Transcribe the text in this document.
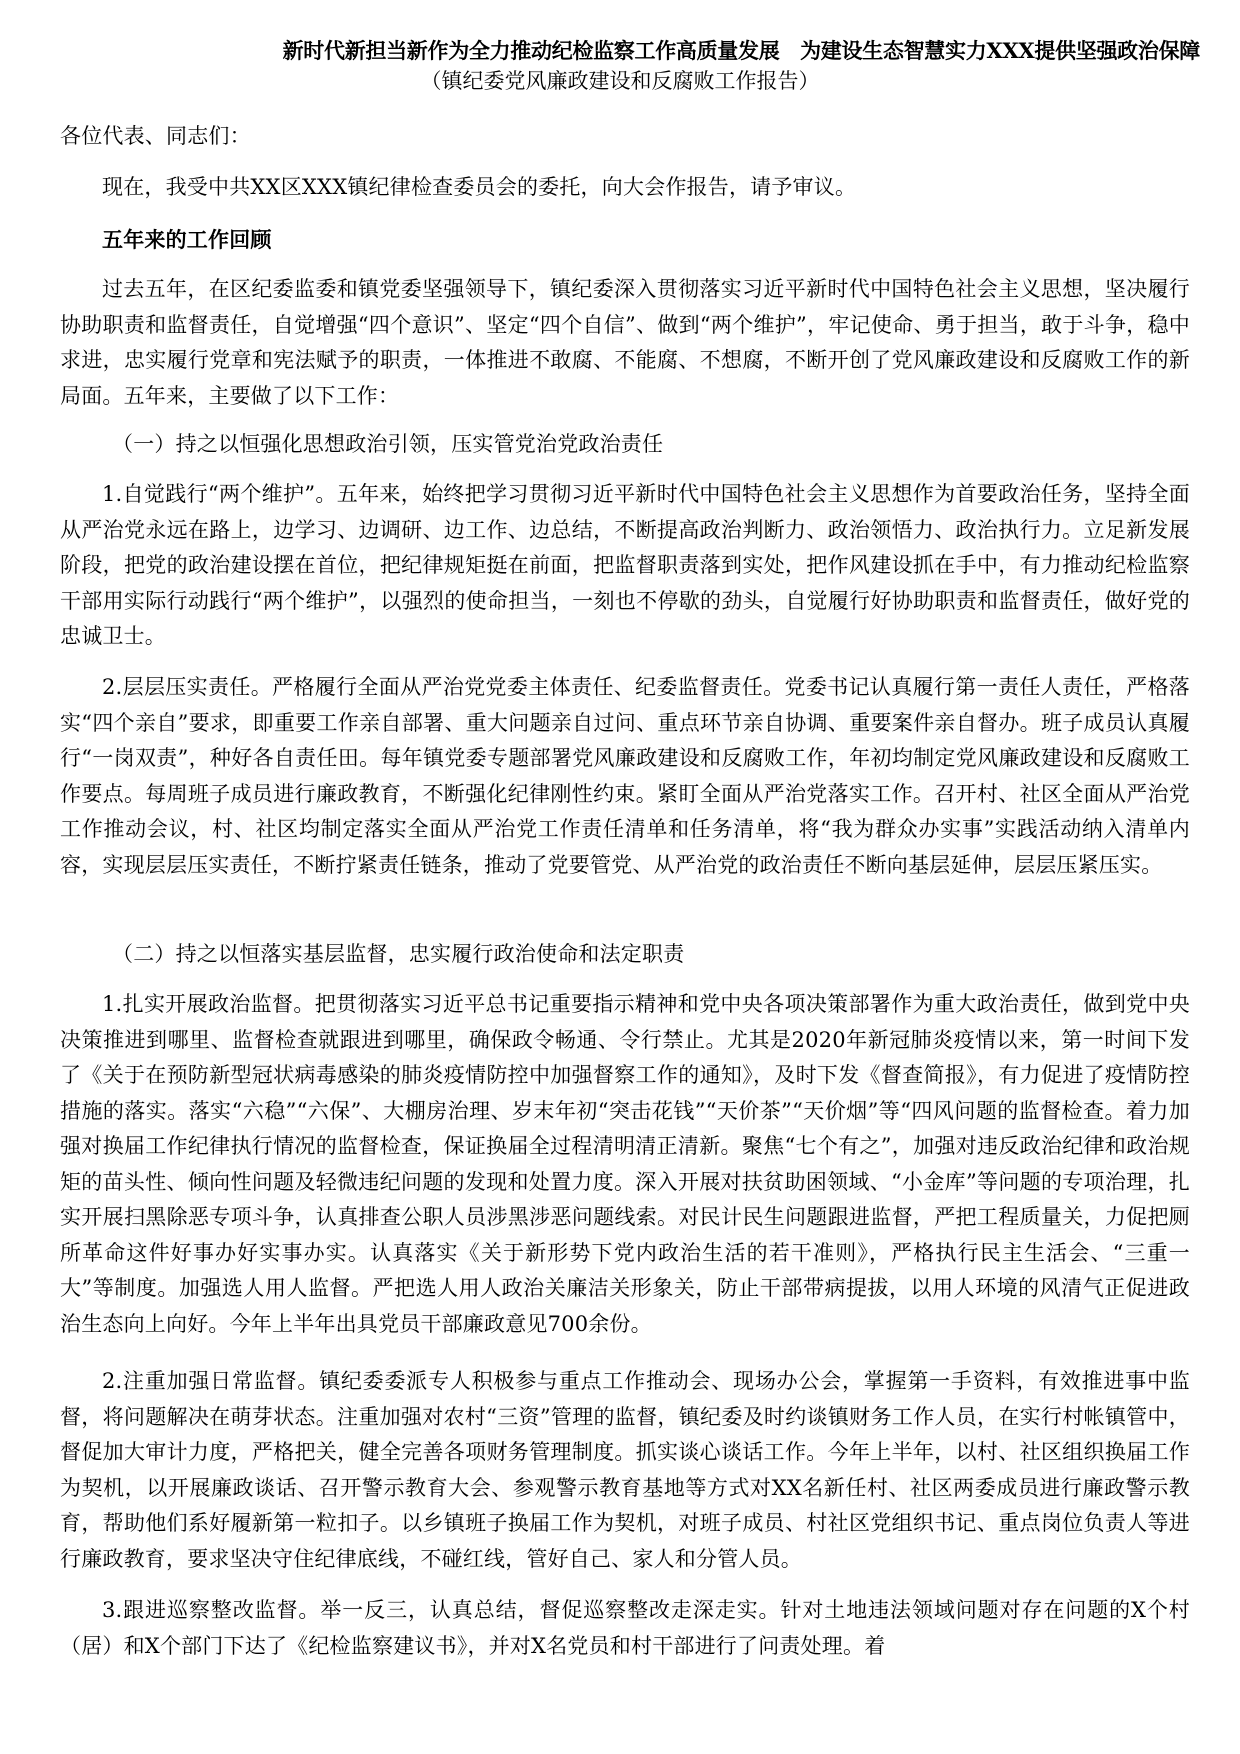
新时代新担当新作为全力推动纪检监察工作高质量发展　为建设生态智慧实力XXX提供坚强政治保障
（镇纪委党风廉政建设和反腐败工作报告）
各位代表、同志们：
现在，我受中共XX区XXX镇纪律检查委员会的委托，向大会作报告，请予审议。
五年来的工作回顾
过去五年，在区纪委监委和镇党委坚强领导下，镇纪委深入贯彻落实习近平新时代中国特色社会主义思想，坚决履行协助职责和监督责任，自觉增强“四个意识”、坚定“四个自信”、做到“两个维护”，牢记使命、勇于担当，敢于斗争，稳中求进，忠实履行党章和宪法赋予的职责，一体推进不敢腐、不能腐、不想腐，不断开创了党风廉政建设和反腐败工作的新局面。五年来，主要做了以下工作：
（一）持之以恒强化思想政治引领，压实管党治党政治责任
1.自觉践行“两个维护”。五年来，始终把学习贯彻习近平新时代中国特色社会主义思想作为首要政治任务，坚持全面从严治党永远在路上，边学习、边调研、边工作、边总结，不断提高政治判断力、政治领悟力、政治执行力。立足新发展阶段，把党的政治建设摆在首位，把纪律规矩挺在前面，把监督职责落到实处，把作风建设抓在手中，有力推动纪检监察干部用实际行动践行“两个维护”，以强烈的使命担当，一刻也不停歇的劲头，自觉履行好协助职责和监督责任，做好党的忠诚卫士。
2.层层压实责任。严格履行全面从严治党党委主体责任、纪委监督责任。党委书记认真履行第一责任人责任，严格落实“四个亲自”要求，即重要工作亲自部署、重大问题亲自过问、重点环节亲自协调、重要案件亲自督办。班子成员认真履行“一岗双责”，种好各自责任田。每年镇党委专题部署党风廉政建设和反腐败工作，年初均制定党风廉政建设和反腐败工作要点。每周班子成员进行廉政教育，不断强化纪律刚性约束。紧盯全面从严治党落实工作。召开村、社区全面从严治党工作推动会议，村、社区均制定落实全面从严治党工作责任清单和任务清单，将“我为群众办实事”实践活动纳入清单内容，实现层层压实责任，不断拧紧责任链条，推动了党要管党、从严治党的政治责任不断向基层延伸，层层压紧压实。
（二）持之以恒落实基层监督，忠实履行政治使命和法定职责
1.扎实开展政治监督。把贯彻落实习近平总书记重要指示精神和党中央各项决策部署作为重大政治责任，做到党中央决策推进到哪里、监督检查就跟进到哪里，确保政令畅通、令行禁止。尤其是2020年新冠肺炎疫情以来，第一时间下发了《关于在预防新型冠状病毒感染的肺炎疫情防控中加强督察工作的通知》，及时下发《督查简报》，有力促进了疫情防控措施的落实。落实“六稳”“六保”、大棚房治理、岁末年初“突击花钱”“天价茶”“天价烟”等“四风问题的监督检查。着力加强对换届工作纪律执行情况的监督检查，保证换届全过程清明清正清新。聚焦“七个有之”，加强对违反政治纪律和政治规矩的苗头性、倾向性问题及轻微违纪问题的发现和处置力度。深入开展对扶贫助困领域、“小金库”等问题的专项治理，扎实开展扫黑除恶专项斗争，认真排查公职人员涉黑涉恶问题线索。对民计民生问题跟进监督，严把工程质量关，力促把厕所革命这件好事办好实事办实。认真落实《关于新形势下党内政治生活的若干准则》，严格执行民主生活会、“三重一大”等制度。加强选人用人监督。严把选人用人政治关廉洁关形象关，防止干部带病提拔，以用人环境的风清气正促进政治生态向上向好。今年上半年出具党员干部廉政意见700余份。
2.注重加强日常监督。镇纪委委派专人积极参与重点工作推动会、现场办公会，掌握第一手资料，有效推进事中监督，将问题解决在萌芽状态。注重加强对农村“三资”管理的监督，镇纪委及时约谈镇财务工作人员，在实行村帐镇管中，督促加大审计力度，严格把关，健全完善各项财务管理制度。抓实谈心谈话工作。今年上半年，以村、社区组织换届工作为契机，以开展廉政谈话、召开警示教育大会、参观警示教育基地等方式对XX名新任村、社区两委成员进行廉政警示教育，帮助他们系好履新第一粒扣子。以乡镇班子换届工作为契机，对班子成员、村社区党组织书记、重点岗位负责人等进行廉政教育，要求坚决守住纪律底线，不碰红线，管好自己、家人和分管人员。
3.跟进巡察整改监督。举一反三，认真总结，督促巡察整改走深走实。针对土地违法领域问题对存在问题的X个村（居）和X个部门下达了《纪检监察建议书》，并对X名党员和村干部进行了问责处理。着
